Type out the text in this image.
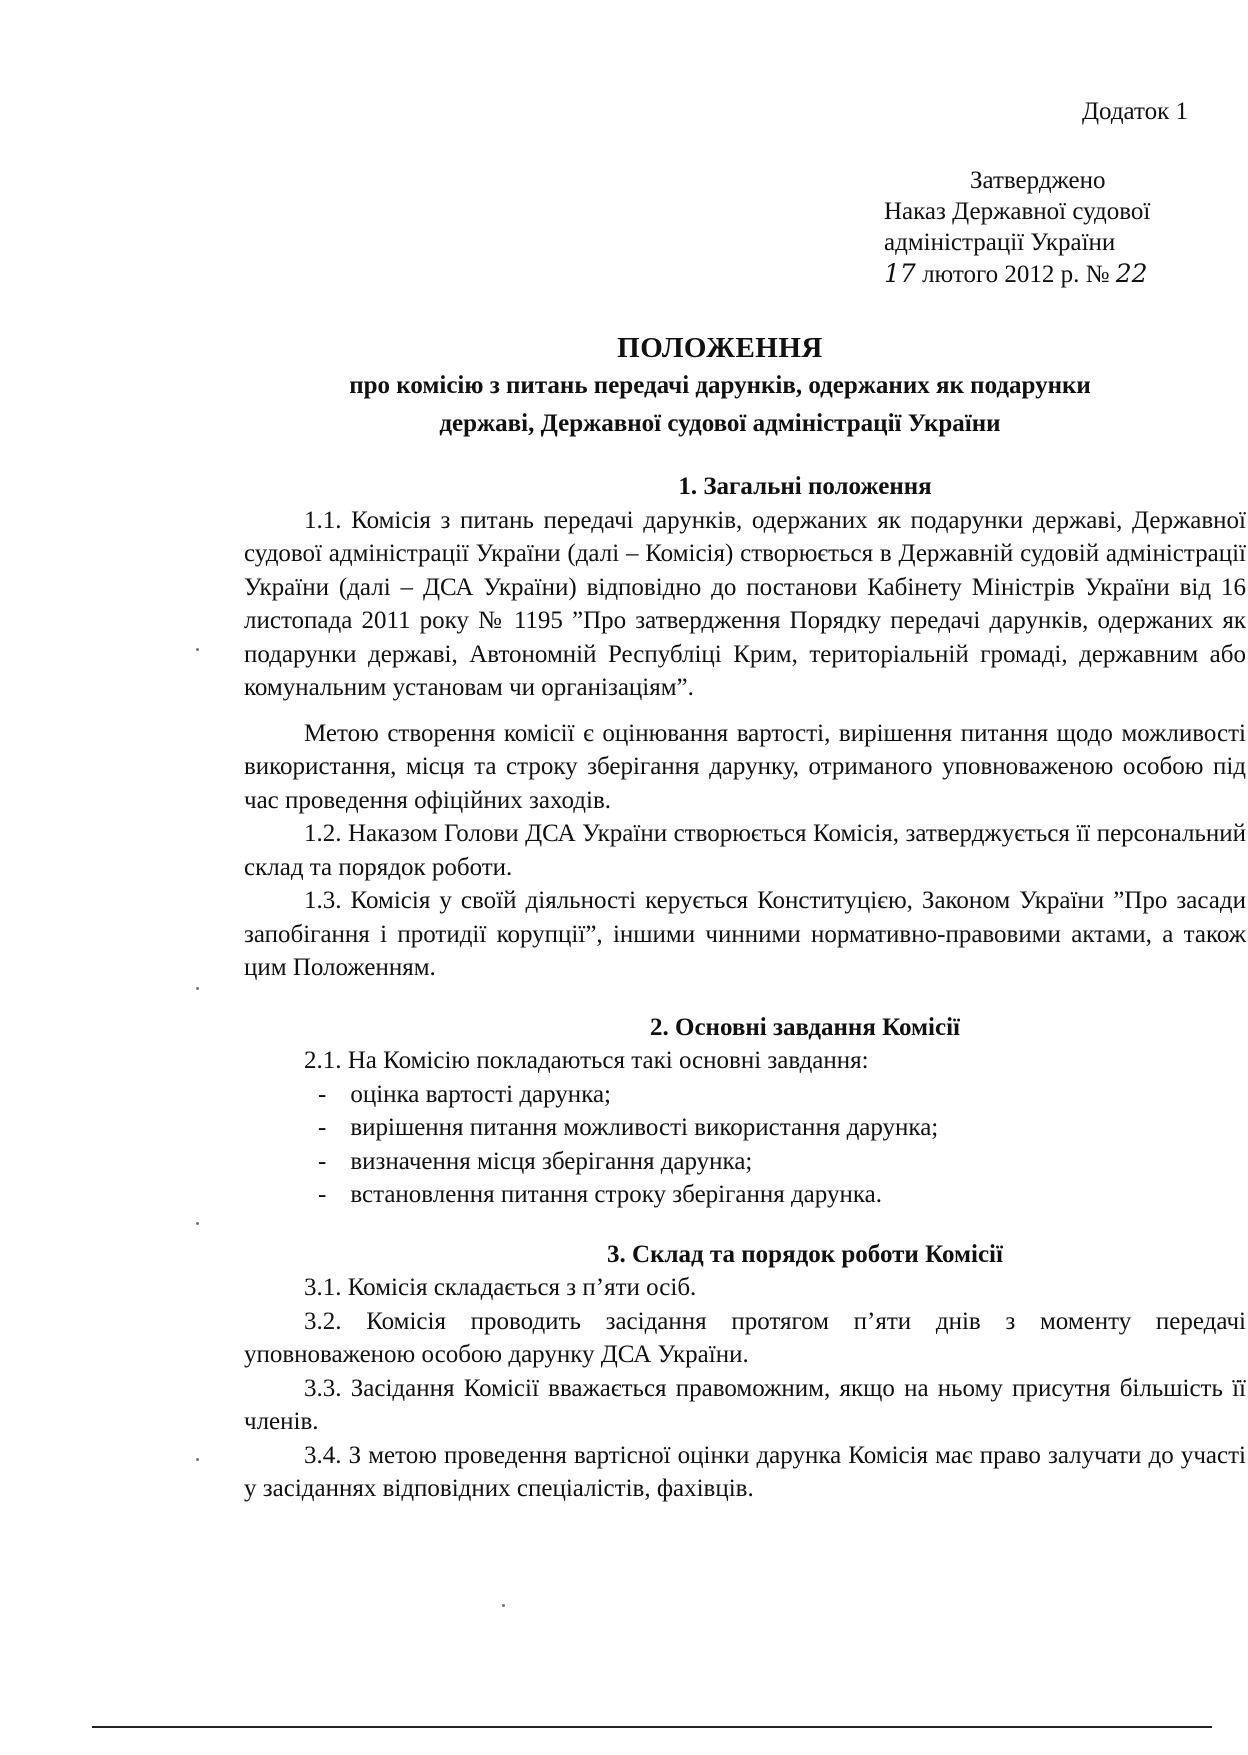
Додаток 1
Затверджено
Наказ Державної судової
адміністрації України
17 лютого 2012 р. № 22
ПОЛОЖЕННЯ
про комісію з питань передачі дарунків, одержаних як подарунки
державі, Державної судової адміністрації України
1. Загальні положення

1.1. Комісія з питань передачі дарунків, одержаних як подарунки державі, Державної судової адміністрації України (далі – Комісія) створюється в Державній судовій адміністрації України (далі – ДСА України) відповідно до постанови Кабінету Міністрів України від 16 листопада 2011 року № 1195 ”Про затвердження Порядку передачі дарунків, одержаних як подарунки державі, Автономній Республіці Крим, територіальній громаді, державним або комунальним установам чи організаціям”.

Метою створення комісії є оцінювання вартості, вирішення питання щодо можливості використання, місця та строку зберігання дарунку, отриманого уповноваженою особою під час проведення офіційних заходів.

1.2. Наказом Голови ДСА України створюється Комісія, затверджується її персональний склад та порядок роботи.

1.3. Комісія у своїй діяльності керується Конституцією, Законом України ”Про засади запобігання і протидії корупції”, іншими чинними нормативно-правовими актами, а також цим Положенням.

2. Основні завдання Комісії

2.1. На Комісію покладаються такі основні завдання:

- оцінка вартості дарунка;
- вирішення питання можливості використання дарунка;
- визначення місця зберігання дарунка;
- встановлення питання строку зберігання дарунка.
3. Склад та порядок роботи Комісії

3.1. Комісія складається з п’яти осіб.

3.2. Комісія проводить засідання протягом п’яти днів з моменту передачі уповноваженою особою дарунку ДСА України.

3.3. Засідання Комісії вважається правоможним, якщо на ньому присутня більшість її членів.

3.4. З метою проведення вартісної оцінки дарунка Комісія має право залучати до участі у засіданнях відповідних спеціалістів, фахівців.
